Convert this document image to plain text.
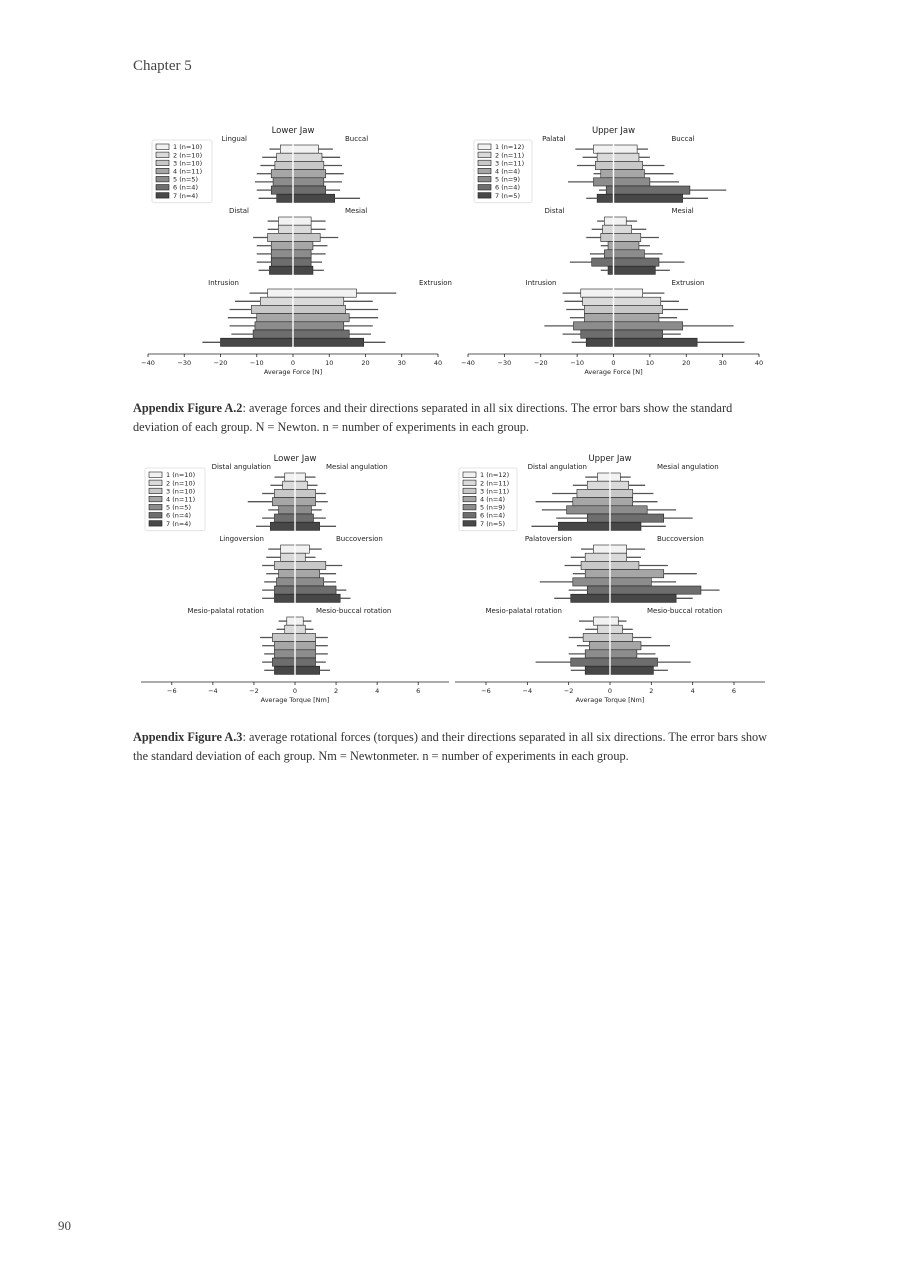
Chapter 5
Lower Jaw
Lingual	Buccal
Distal	Mesial
Intrusion	Extrusion
−40	−30	−20	−10	0	10	20	30	40
Average Force [N]
1 (n=10)
2 (n=10)
3 (n=10)
4 (n=11)
5 (n=5)
6 (n=4)
7 (n=4)
Upper Jaw
Palatal	Buccal
Distal	Mesial
Intrusion	Extrusion
−40	−30	−20	−10	0	10	20	30	40
Average Force [N]
1 (n=12)
2 (n=11)
3 (n=11)
4 (n=4)
5 (n=9)
6 (n=4)
7 (n=5)
Appendix Figure A.2: average forces and their directions separated in all six directions. The error bars show the standard deviation of each group. N = Newton. n = number of experiments in each group.
Lower Jaw
Distal angulation	Mesial angulation
Lingoversion	Buccoversion
Mesio-palatal rotation	Mesio-buccal rotation
−6	−4	−2	0	2	4	6
Average Torque [Nm]
1 (n=10)
2 (n=10)
3 (n=10)
4 (n=11)
5 (n=5)
6 (n=4)
7 (n=4)
Upper Jaw
Distal angulation	Mesial angulation
Palatoversion	Buccoversion
Mesio-palatal rotation	Mesio-buccal rotation
−6	−4	−2	0	2	4	6
Average Torque [Nm]
1 (n=12)
2 (n=11)
3 (n=11)
4 (n=4)
5 (n=9)
6 (n=4)
7 (n=5)
Appendix Figure A.3: average rotational forces (torques) and their directions separated in all six directions. The error bars show the standard deviation of each group. Nm = Newtonmeter. n = number of experiments in each group.
90
